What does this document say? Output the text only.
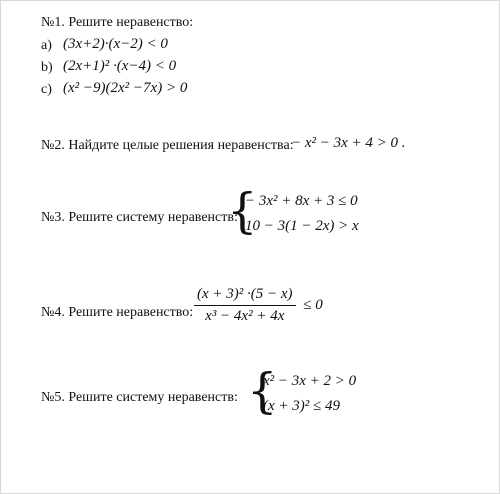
№1. Решите неравенство:
a) (3x+2)·(x−2) < 0
b) (2x+1)² ·(x−4) < 0
c) (x² −9)(2x² −7x) > 0
№2. Найдите целые решения неравенства:
− x² − 3x + 4 > 0 .
№3. Решите систему неравенств:
{
− 3x² + 8x + 3 ≤ 0
10 − 3(1 − 2x) > x
№4. Решите неравенство: $\frac{\text{(x + 3)² ·(5 − x)}}{\text{x³ − 4x² + 4x}} \le 0$
№5. Решите систему неравенств: {
x² − 3x + 2 > 0
(x + 3)² ≤ 49
